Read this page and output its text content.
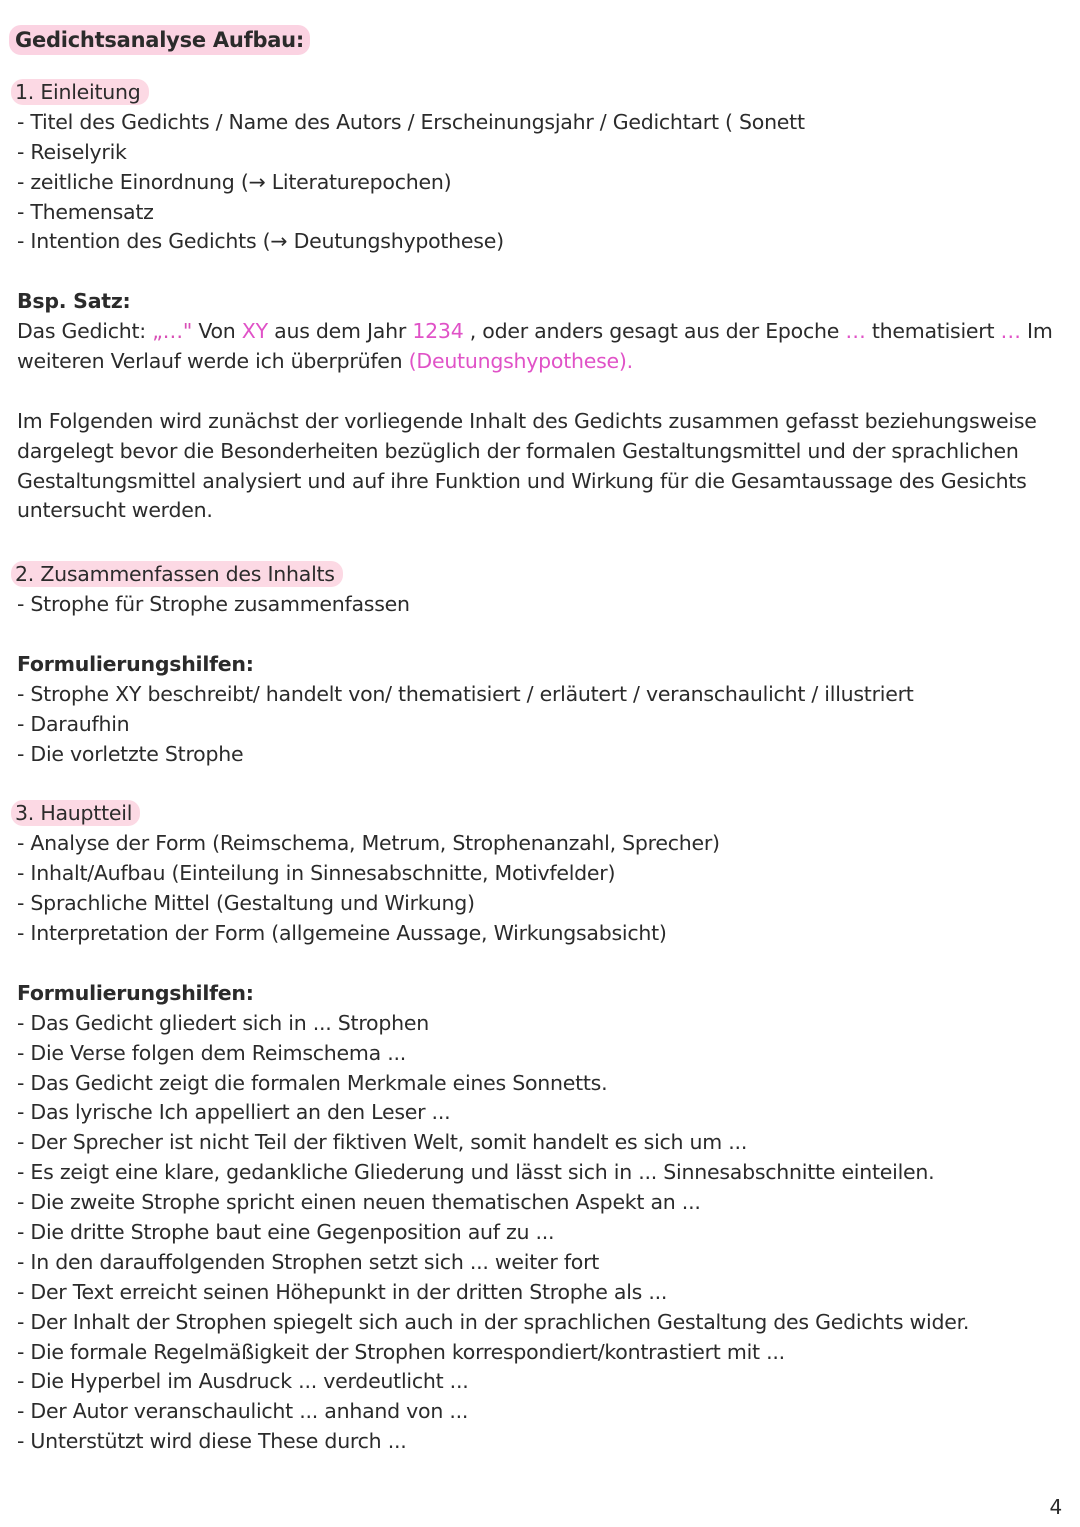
Gedichtsanalyse Aufbau:
1. Einleitung
- Titel des Gedichts / Name des Autors / Erscheinungsjahr / Gedichtart ( Sonett
- Reiselyrik
- zeitliche Einordnung (→ Literaturepochen)
- Themensatz
- Intention des Gedichts (→ Deutungshypothese)
Bsp. Satz:
Das Gedicht: „…" Von XY aus dem Jahr 1234 , oder anders gesagt aus der Epoche … thematisiert … Im
weiteren Verlauf werde ich überprüfen (Deutungshypothese).
Im Folgenden wird zunächst der vorliegende Inhalt des Gedichts zusammen gefasst beziehungsweise
dargelegt bevor die Besonderheiten bezüglich der formalen Gestaltungsmittel und der sprachlichen
Gestaltungsmittel analysiert und auf ihre Funktion und Wirkung für die Gesamtaussage des Gesichts
untersucht werden.
2. Zusammenfassen des Inhalts
- Strophe für Strophe zusammenfassen
Formulierungshilfen:
- Strophe XY beschreibt/ handelt von/ thematisiert / erläutert / veranschaulicht / illustriert
- Daraufhin
- Die vorletzte Strophe
3. Hauptteil
- Analyse der Form (Reimschema, Metrum, Strophenanzahl, Sprecher)
- Inhalt/Aufbau (Einteilung in Sinnesabschnitte, Motivfelder)
- Sprachliche Mittel (Gestaltung und Wirkung)
- Interpretation der Form (allgemeine Aussage, Wirkungsabsicht)
Formulierungshilfen:
- Das Gedicht gliedert sich in ... Strophen
- Die Verse folgen dem Reimschema ...
- Das Gedicht zeigt die formalen Merkmale eines Sonnetts.
- Das lyrische Ich appelliert an den Leser ...
- Der Sprecher ist nicht Teil der fiktiven Welt, somit handelt es sich um ...
- Es zeigt eine klare, gedankliche Gliederung und lässt sich in ... Sinnesabschnitte einteilen.
- Die zweite Strophe spricht einen neuen thematischen Aspekt an ...
- Die dritte Strophe baut eine Gegenposition auf zu ...
- In den darauffolgenden Strophen setzt sich ... weiter fort
- Der Text erreicht seinen Höhepunkt in der dritten Strophe als ...
- Der Inhalt der Strophen spiegelt sich auch in der sprachlichen Gestaltung des Gedichts wider.
- Die formale Regelmäßigkeit der Strophen korrespondiert/kontrastiert mit ...
- Die Hyperbel im Ausdruck ... verdeutlicht ...
- Der Autor veranschaulicht ... anhand von ...
- Unterstützt wird diese These durch ...
4
